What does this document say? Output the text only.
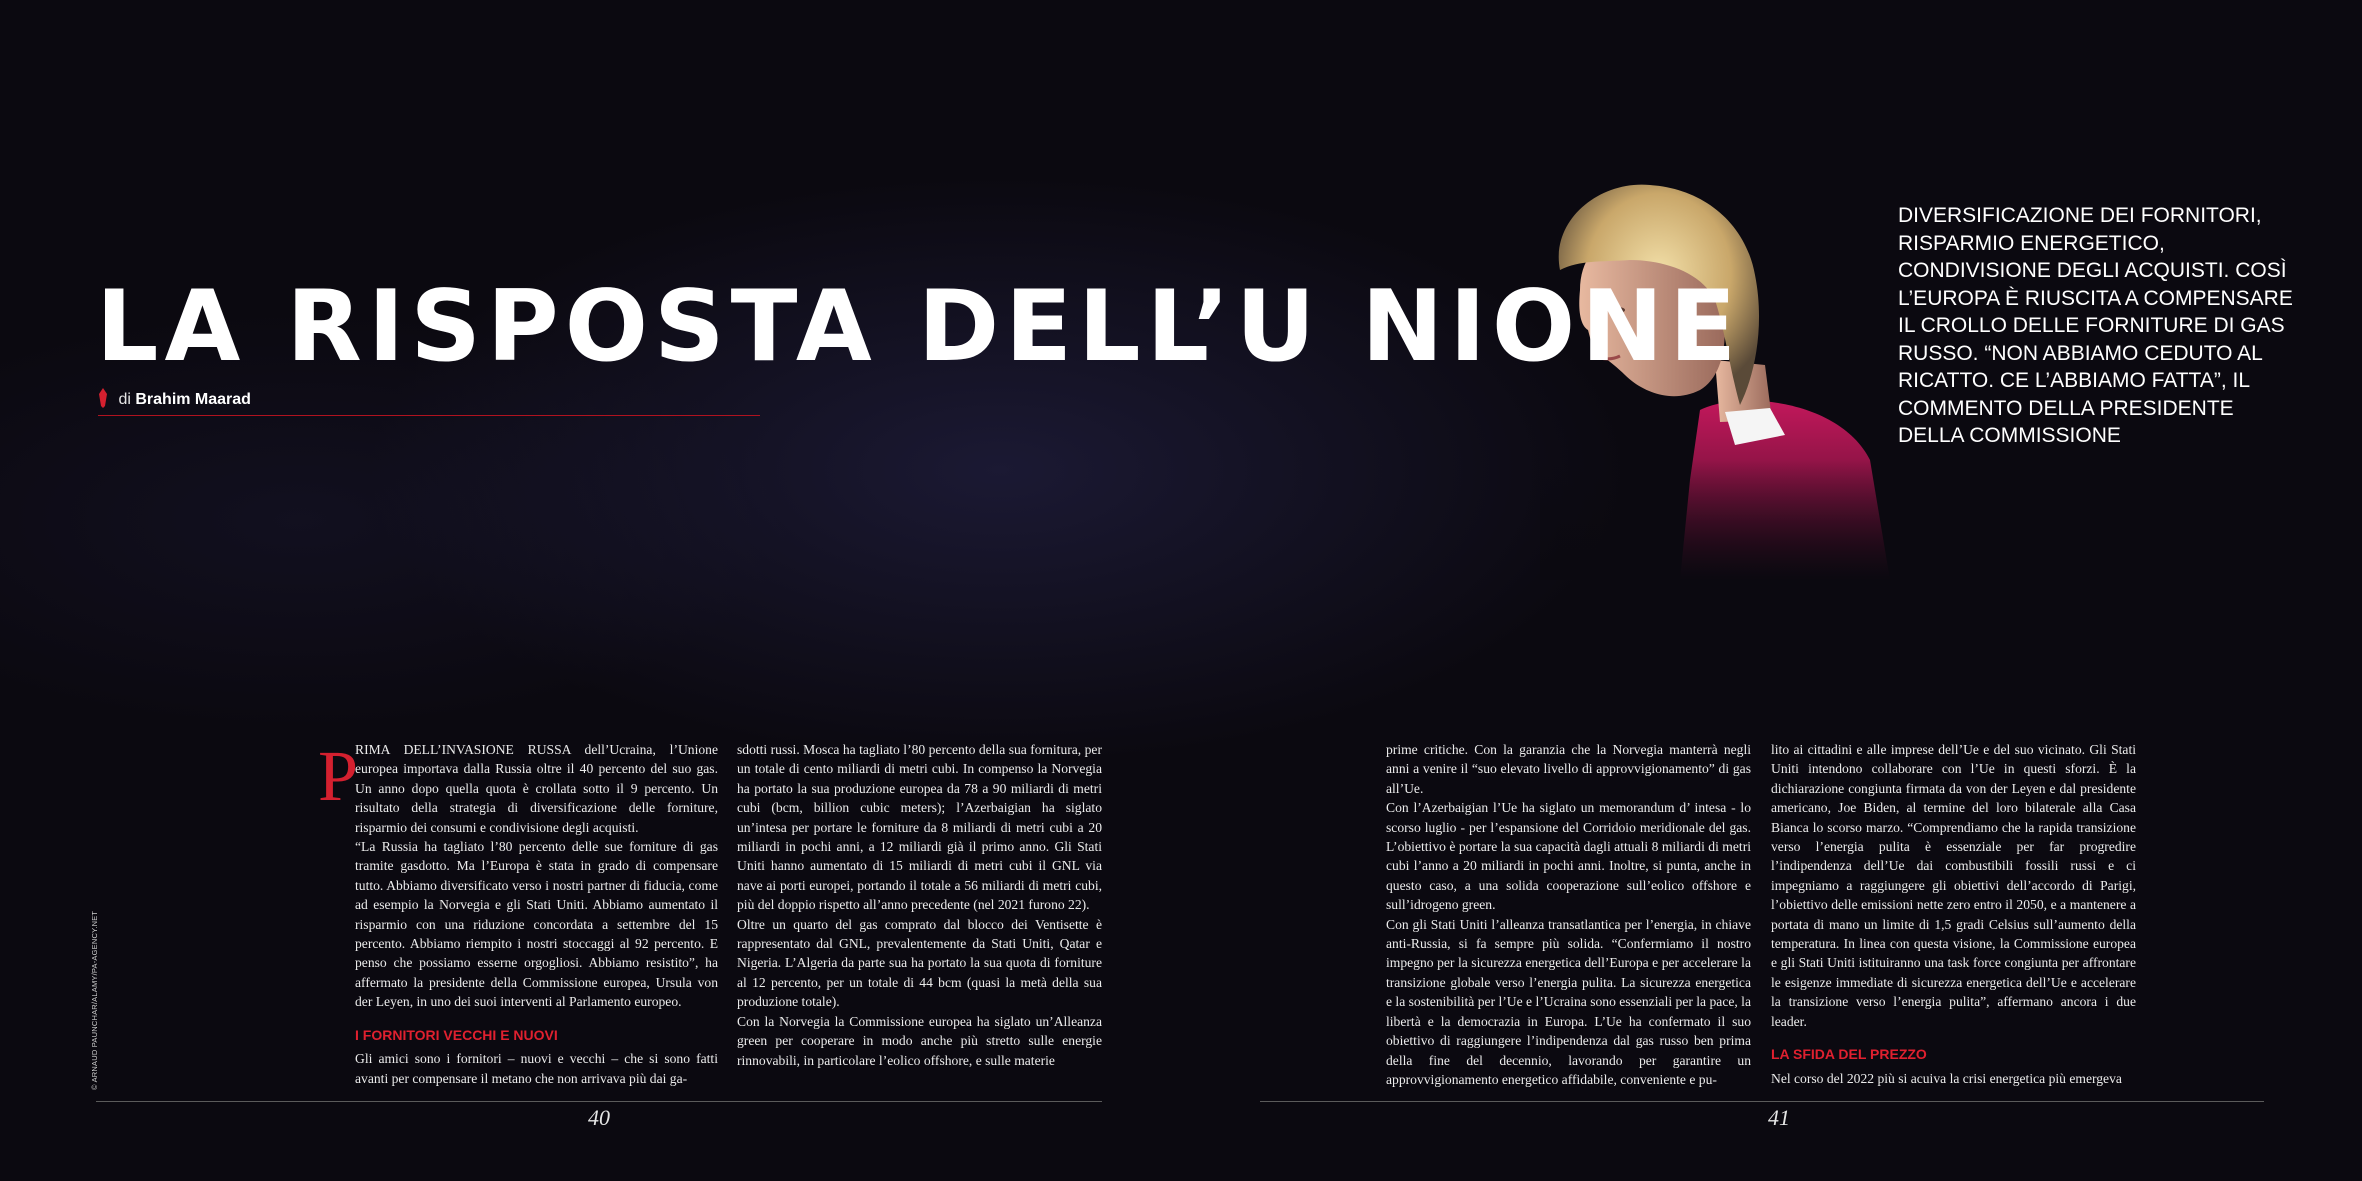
LA RISPOSTA DELL’U NIONE
di Brahim Maarad
DIVERSIFICAZIONE DEI FORNITORI, RISPARMIO ENERGETICO, CONDIVISIONE DEGLI ACQUISTI. COSÌ L’EUROPA È RIUSCITA A COMPENSARE IL CROLLO DELLE FORNITURE DI GAS RUSSO. “NON ABBIAMO CEDUTO AL RICATTO. CE L’ABBIAMO FATTA”, IL COMMENTO DELLA PRESIDENTE DELLA COMMISSIONE
© ARNAUD PAUNCHAR/ALAMY/PA-AGENCY.NET
P

RIMA DELL’INVASIONE RUSSA dell’Ucraina, l’Unione europea importava dalla Russia oltre il 40 percento del suo gas. Un anno dopo quella quota è crollata sotto il 9 percento. Un risultato della strategia di diversificazione delle forniture, risparmio dei consumi e condivisione degli acquisti.

“La Russia ha tagliato l’80 percento delle sue forniture di gas tramite gasdotto. Ma l’Europa è stata in grado di compensare tutto. Abbiamo diversificato verso i nostri partner di fiducia, come ad esempio la Norvegia e gli Stati Uniti. Abbiamo aumentato il risparmio con una riduzione concordata a settembre del 15 percento. Abbiamo riempito i nostri stoccaggi al 92 percento. E penso che possiamo esserne orgogliosi. Abbiamo resistito”, ha affermato la presidente della Commissione europea, Ursula von der Leyen, in uno dei suoi interventi al Parlamento europeo.

I FORNITORI VECCHI E NUOVI

Gli amici sono i fornitori – nuovi e vecchi – che si sono fatti avanti per compensare il metano che non arrivava più dai ga-

sdotti russi. Mosca ha tagliato l’80 percento della sua fornitura, per un totale di cento miliardi di metri cubi. In compenso la Norvegia ha portato la sua produzione europea da 78 a 90 miliardi di metri cubi (bcm, billion cubic meters); l’Azerbaigian ha siglato un’intesa per portare le forniture da 8 miliardi di metri cubi a 20 miliardi in pochi anni, a 12 miliardi già il primo anno. Gli Stati Uniti hanno aumentato di 15 miliardi di metri cubi il GNL via nave ai porti europei, portando il totale a 56 miliardi di metri cubi, più del doppio rispetto all’anno precedente (nel 2021 furono 22).

Oltre un quarto del gas comprato dal blocco dei Ventisette è rappresentato dal GNL, prevalentemente da Stati Uniti, Qatar e Nigeria. L’Algeria da parte sua ha portato la sua quota di forniture al 12 percento, per un totale di 44 bcm (quasi la metà della sua produzione totale).

Con la Norvegia la Commissione europea ha siglato un’Alleanza green per cooperare in modo anche più stretto sulle energie rinnovabili, in particolare l’eolico offshore, e sulle materie

prime critiche. Con la garanzia che la Norvegia manterrà negli anni a venire il “suo elevato livello di approvvigionamento” di gas all’Ue.

Con l’Azerbaigian l’Ue ha siglato un memorandum d’ intesa - lo scorso luglio - per l’espansione del Corridoio meridionale del gas. L’obiettivo è portare la sua capacità dagli attuali 8 miliardi di metri cubi l’anno a 20 miliardi in pochi anni. Inoltre, si punta, anche in questo caso, a una solida cooperazione sull’eolico offshore e sull’idrogeno green.

Con gli Stati Uniti l’alleanza transatlantica per l’energia, in chiave anti-Russia, si fa sempre più solida. “Confermiamo il nostro impegno per la sicurezza energetica dell’Europa e per accelerare la transizione globale verso l’energia pulita. La sicurezza energetica e la sostenibilità per l’Ue e l’Ucraina sono essenziali per la pace, la libertà e la democrazia in Europa. L’Ue ha confermato il suo obiettivo di raggiungere l’indipendenza dal gas russo ben prima della fine del decennio, lavorando per garantire un approvvigionamento energetico affidabile, conveniente e pu-

lito ai cittadini e alle imprese dell’Ue e del suo vicinato. Gli Stati Uniti intendono collaborare con l’Ue in questi sforzi. È la dichiarazione congiunta firmata da von der Leyen e dal presidente americano, Joe Biden, al termine del loro bilaterale alla Casa Bianca lo scorso marzo. “Comprendiamo che la rapida transizione verso l’energia pulita è essenziale per far progredire l’indipendenza dell’Ue dai combustibili fossili russi e ci impegniamo a raggiungere gli obiettivi dell’accordo di Parigi, l’obiettivo delle emissioni nette zero entro il 2050, e a mantenere a portata di mano un limite di 1,5 gradi Celsius sull’aumento della temperatura. In linea con questa visione, la Commissione europea e gli Stati Uniti istituiranno una task force congiunta per affrontare le esigenze immediate di sicurezza energetica dell’Ue e accelerare la transizione verso l’energia pulita”, affermano ancora i due leader.

LA SFIDA DEL PREZZO

Nel corso del 2022 più si acuiva la crisi energetica più emergeva

40	41
